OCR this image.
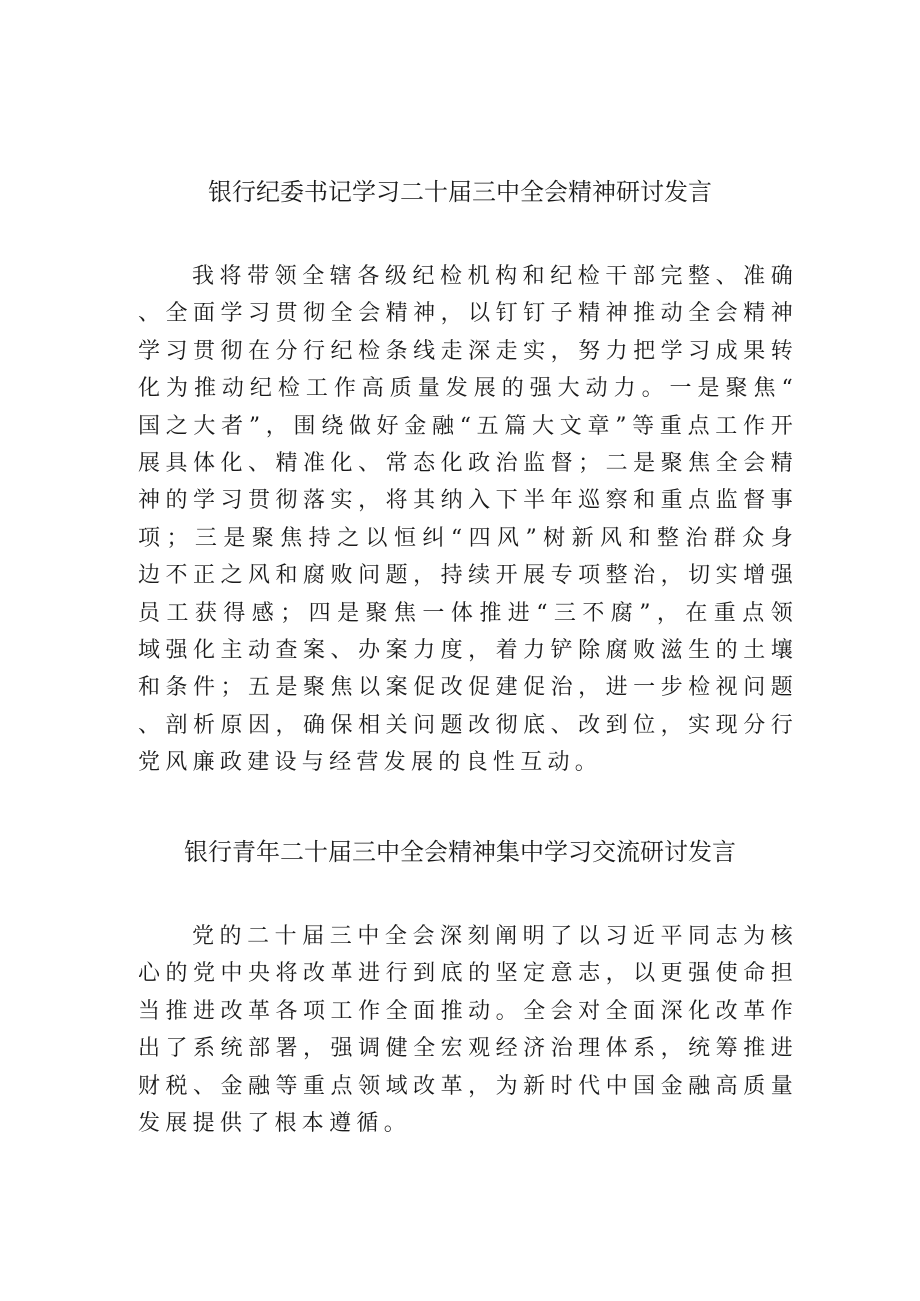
银行纪委书记学习二十届三中全会精神研讨发言

我将带领全辖各级纪检机构和纪检干部完整、准确、全面学习贯彻全会精神，以钉钉子精神推动全会精神学习贯彻在分行纪检条线走深走实，努力把学习成果转化为推动纪检工作高质量发展的强大动力。一是聚焦“国之大者”，围绕做好金融“五篇大文章”等重点工作开展具体化、精准化、常态化政治监督；二是聚焦全会精神的学习贯彻落实，将其纳入下半年巡察和重点监督事项；三是聚焦持之以恒纠“四风”树新风和整治群众身边不正之风和腐败问题，持续开展专项整治，切实增强员工获得感；四是聚焦一体推进“三不腐”，在重点领域强化主动查案、办案力度，着力铲除腐败滋生的土壤和条件；五是聚焦以案促改促建促治，进一步检视问题、剖析原因，确保相关问题改彻底、改到位，实现分行党风廉政建设与经营发展的良性互动。

银行青年二十届三中全会精神集中学习交流研讨发言

党的二十届三中全会深刻阐明了以习近平同志为核心的党中央将改革进行到底的坚定意志，以更强使命担当推进改革各项工作全面推动。全会对全面深化改革作出了系统部署，强调健全宏观经济治理体系，统筹推进财税、金融等重点领域改革，为新时代中国金融高质量发展提供了根本遵循。
